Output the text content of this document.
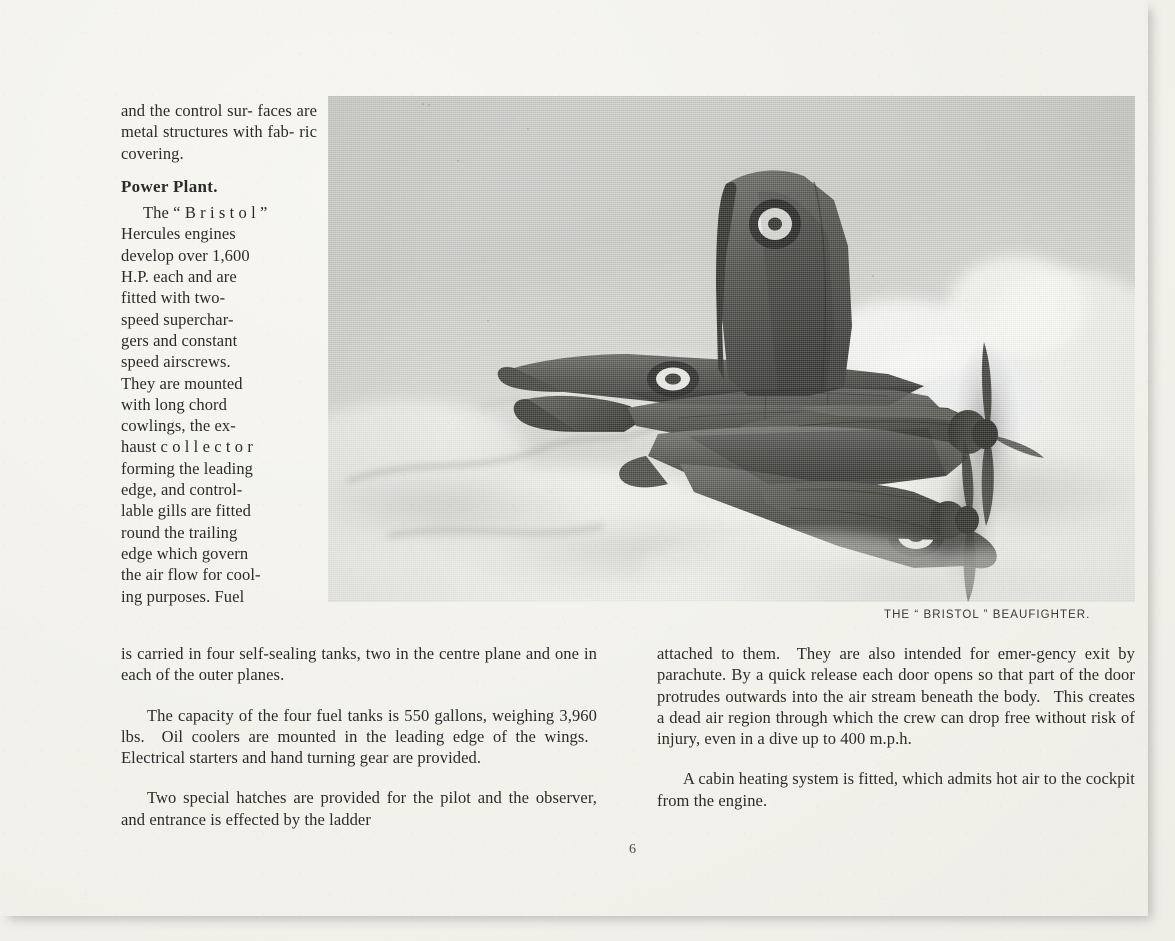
THE “ BRISTOL ” BEAUFIGHTER.

and the control sur- faces are metal structures with fab- ric covering.

Power Plant.

The “ B r i s t o l ”
Hercules engines
develop over 1,600
H.P. each and are
fitted with two-
speed superchar-
gers and constant
speed airscrews.
They are mounted
with long chord
cowlings, the ex-
haust c o l l e c t o r
forming the leading
edge, and control-
lable gills are fitted
round the trailing
edge which govern
the air flow for cool-
ing purposes. Fuel

is carried in four self-sealing tanks, two in the centre plane and one in each of the outer planes.

The capacity of the four fuel tanks is 550 gallons, weighing 3,960 lbs.  Oil coolers are mounted in the leading edge of the wings.  Electrical starters and hand turning gear are provided.

Two special hatches are provided for the pilot and the observer, and entrance is effected by the ladder

attached to them.  They are also intended for emer-gency exit by parachute. By a quick release each door opens so that part of the door protrudes outwards into the air stream beneath the body.  This creates a dead air region through which the crew can drop free without risk of injury, even in a dive up to 400 m.p.h.

A cabin heating system is fitted, which admits hot air to the cockpit from the engine.

6
